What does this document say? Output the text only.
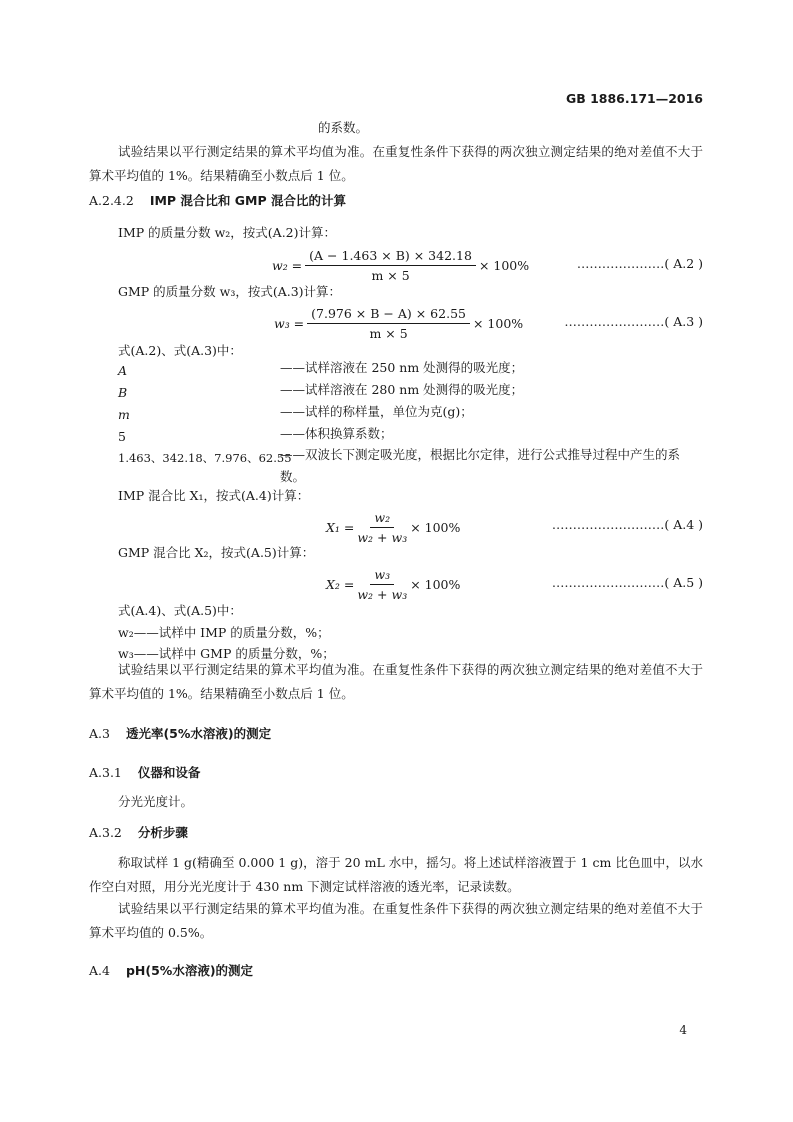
GB 1886.171—2016
的系数。
试验结果以平行测定结果的算术平均值为准。在重复性条件下获得的两次独立测定结果的绝对差值不大于算术平均值的 1%。结果精确至小数点后 1 位。
A.2.4.2 IMP 混合比和 GMP 混合比的计算
IMP 的质量分数 w₂，按式(A.2)计算：
$w_2 = \frac{(A - 1.463 \times B) \times 342.18}{m \times 5} \times 100\%$	…………………( A.2 )
GMP 的质量分数 w₃，按式(A.3)计算：
$w_3 = \frac{(7.976 \times B - A) \times 62.55}{m \times 5} \times 100\%$	……………………( A.3 )
式(A.2)、式(A.3)中：
A	——试样溶液在 250 nm 处测得的吸光度；
B	——试样溶液在 280 nm 处测得的吸光度；
m	——试样的称样量，单位为克(g)；
5	——体积换算系数；
1.463、342.18、7.976、62.55
——双波长下测定吸光度，根据比尔定律，进行公式推导过程中产生的系数。
IMP 混合比 X₁，按式(A.4)计算：
$X_1 = \frac{\text{w₂}}{\text{w₂ + w₃}} \times 100\%$	………………………( A.4 )
GMP 混合比 X₂，按式(A.5)计算：
$X_2 = \frac{\text{w₃}}{\text{w₂ + w₃}} \times 100\%$	………………………( A.5 )
式(A.4)、式(A.5)中：
w₂——试样中 IMP 的质量分数，%；
w₃——试样中 GMP 的质量分数，%；
试验结果以平行测定结果的算术平均值为准。在重复性条件下获得的两次独立测定结果的绝对差值不大于算术平均值的 1%。结果精确至小数点后 1 位。
A.3 透光率(5%水溶液)的测定
A.3.1 仪器和设备
分光光度计。
A.3.2 分析步骤
称取试样 1 g(精确至 0.000 1 g)，溶于 20 mL 水中，摇匀。将上述试样溶液置于 1 cm 比色皿中，以水作空白对照，用分光光度计于 430 nm 下测定试样溶液的透光率，记录读数。
试验结果以平行测定结果的算术平均值为准。在重复性条件下获得的两次独立测定结果的绝对差值不大于算术平均值的 0.5%。
A.4 pH(5%水溶液)的测定
4
